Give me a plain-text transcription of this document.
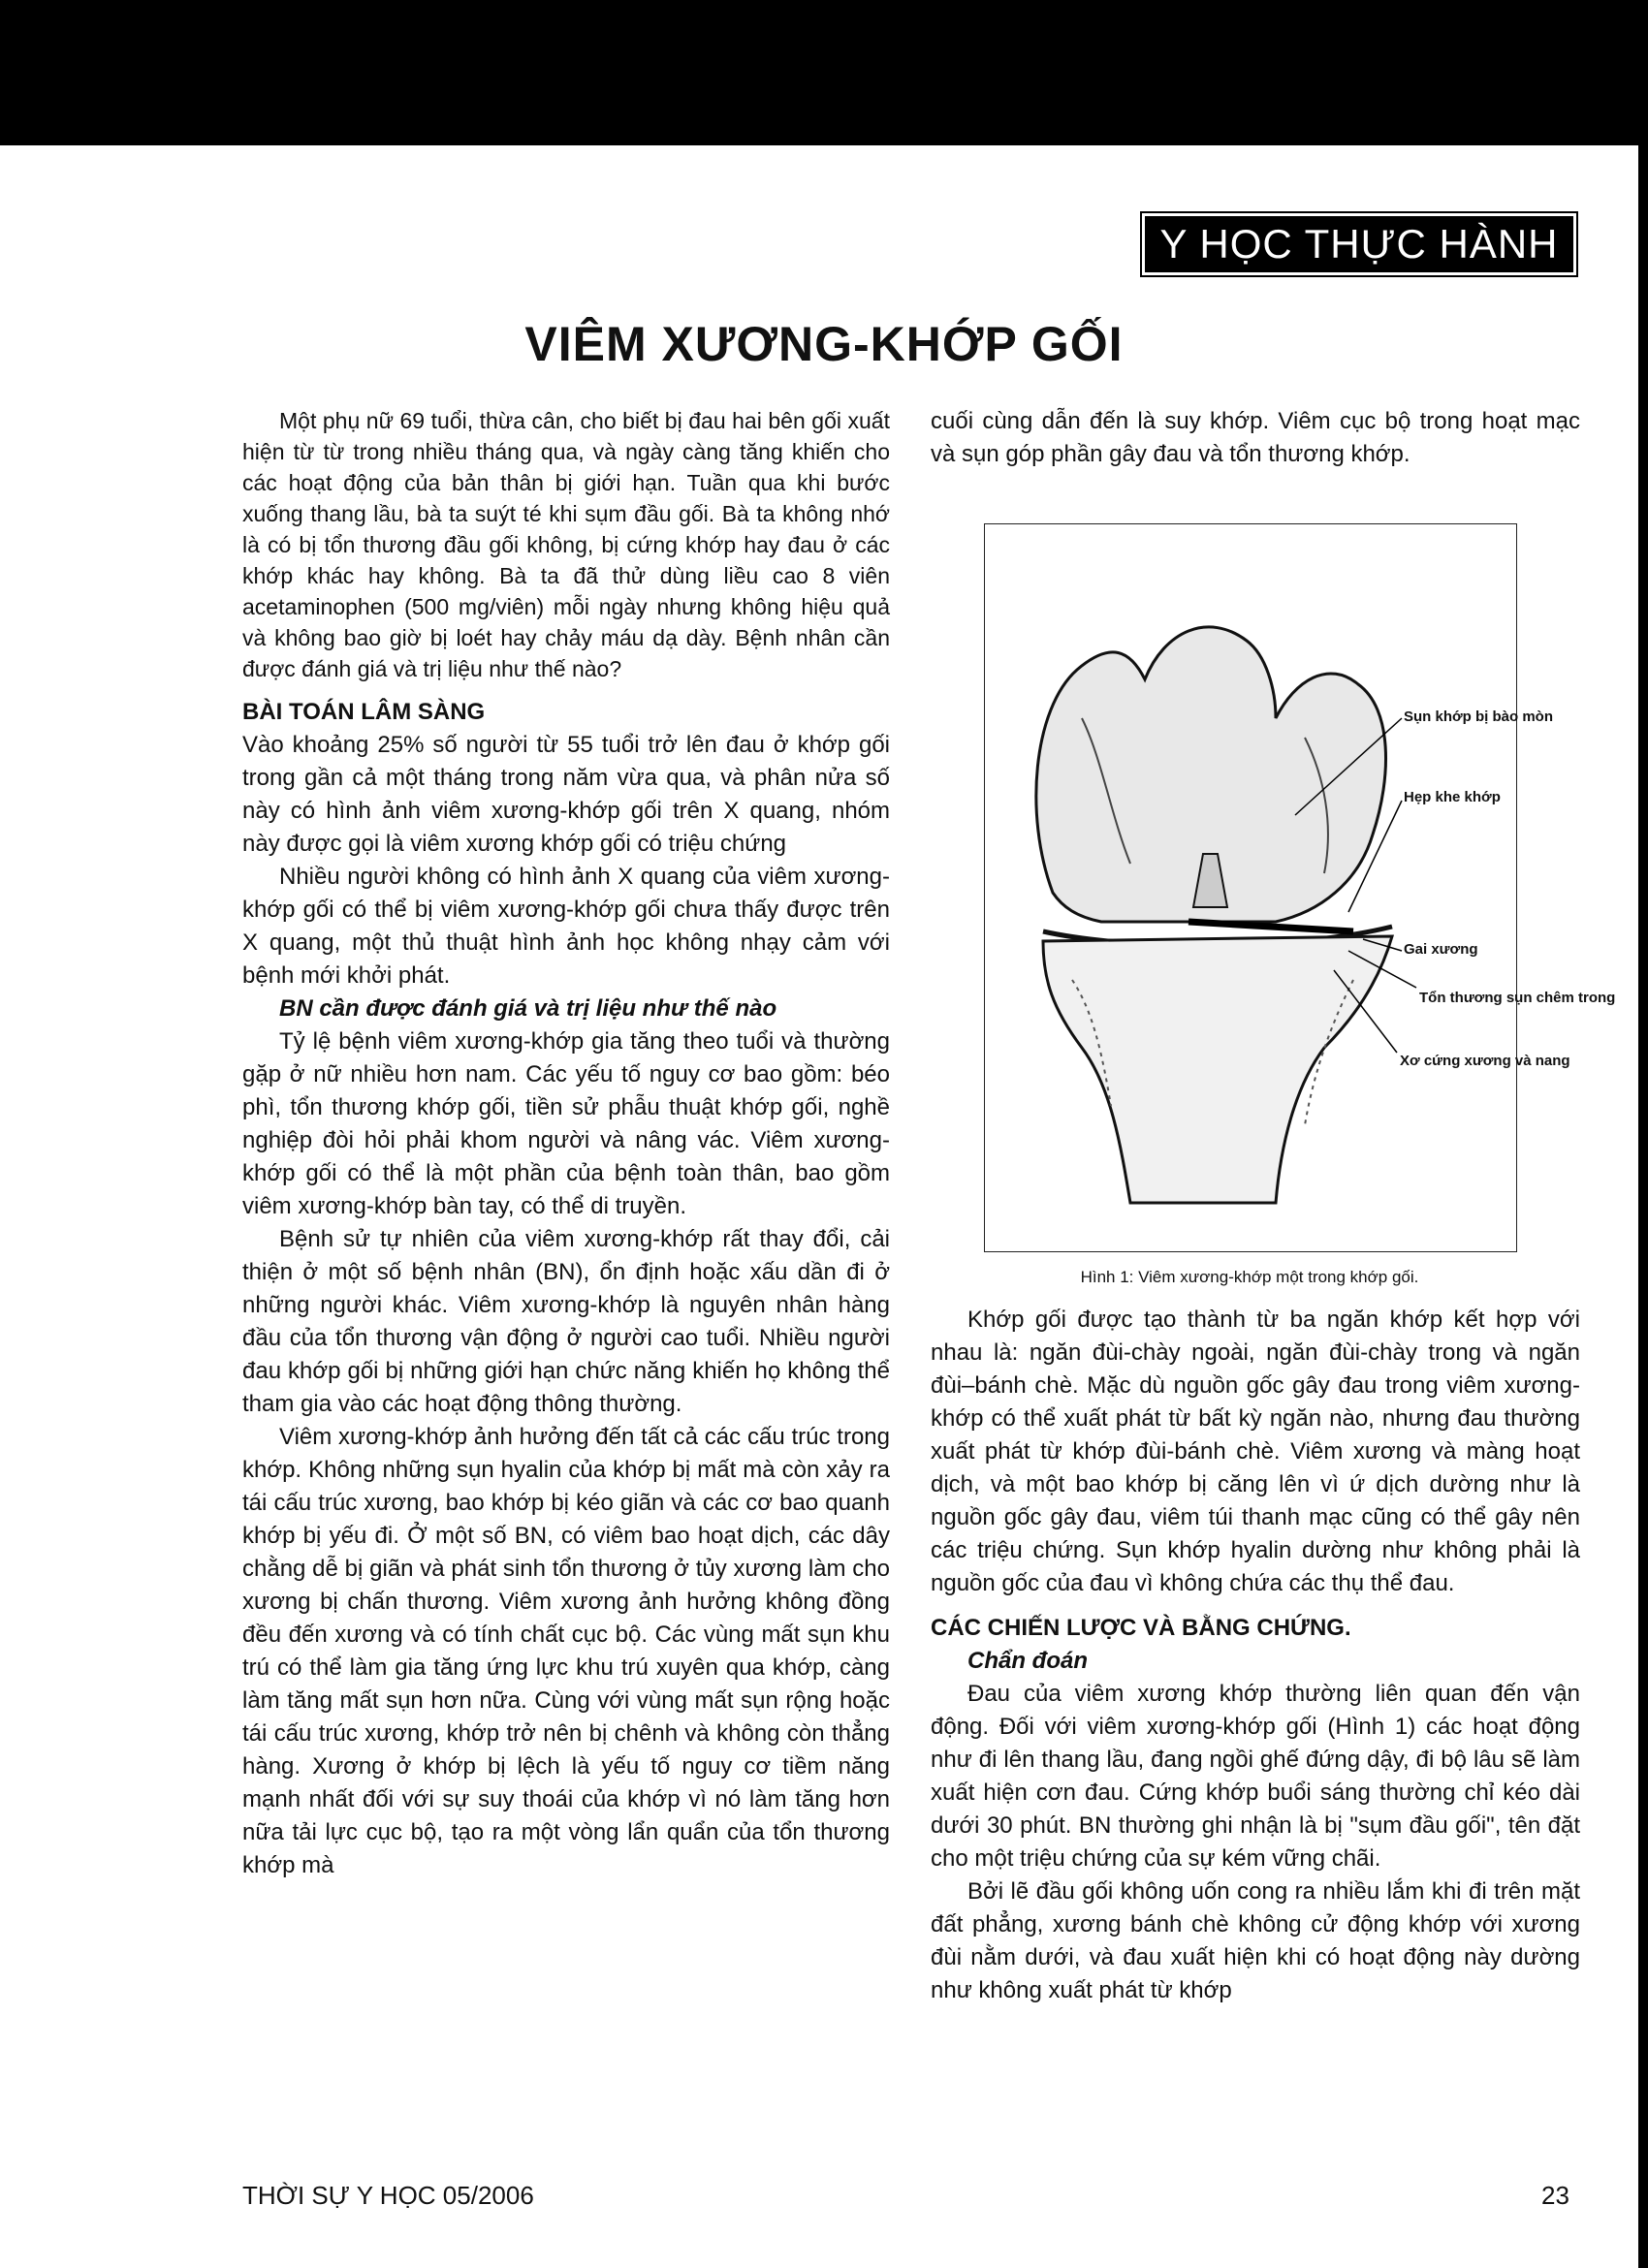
Y HỌC THỰC HÀNH
VIÊM XƯƠNG-KHỚP GỐI

Một phụ nữ 69 tuổi, thừa cân, cho biết bị đau hai bên gối xuất hiện từ từ trong nhiều tháng qua, và ngày càng tăng khiến cho các hoạt động của bản thân bị giới hạn. Tuần qua khi bước xuống thang lầu, bà ta suýt té khi sụm đầu gối. Bà ta không nhớ là có bị tổn thương đầu gối không, bị cứng khớp hay đau ở các khớp khác hay không. Bà ta đã thử dùng liều cao 8 viên acetaminophen (500 mg/viên) mỗi ngày nhưng không hiệu quả và không bao giờ bị loét hay chảy máu dạ dày. Bệnh nhân cần được đánh giá và trị liệu như thế nào?

BÀI TOÁN LÂM SÀNG

Vào khoảng 25% số người từ 55 tuổi trở lên đau ở khớp gối trong gần cả một tháng trong năm vừa qua, và phân nửa số này có hình ảnh viêm xương-khớp gối trên X quang, nhóm này được gọi là viêm xương khớp gối có triệu chứng

Nhiều người không có hình ảnh X quang của viêm xương-khớp gối có thể bị viêm xương-khớp gối chưa thấy được trên X quang, một thủ thuật hình ảnh học không nhạy cảm với bệnh mới khởi phát.

BN cần được đánh giá và trị liệu như thế nào

Tỷ lệ bệnh viêm xương-khớp gia tăng theo tuổi và thường gặp ở nữ nhiều hơn nam. Các yếu tố nguy cơ bao gồm: béo phì, tổn thương khớp gối, tiền sử phẫu thuật khớp gối, nghề nghiệp đòi hỏi phải khom người và nâng vác. Viêm xương-khớp gối có thể là một phần của bệnh toàn thân, bao gồm viêm xương-khớp bàn tay, có thể di truyền.

Bệnh sử tự nhiên của viêm xương-khớp rất thay đổi, cải thiện ở một số bệnh nhân (BN), ổn định hoặc xấu dần đi ở những người khác. Viêm xương-khớp là nguyên nhân hàng đầu của tổn thương vận động ở người cao tuổi. Nhiều người đau khớp gối bị những giới hạn chức năng khiến họ không thể tham gia vào các hoạt động thông thường.

Viêm xương-khớp ảnh hưởng đến tất cả các cấu trúc trong khớp. Không những sụn hyalin của khớp bị mất mà còn xảy ra tái cấu trúc xương, bao khớp bị kéo giãn và các cơ bao quanh khớp bị yếu đi. Ở một số BN, có viêm bao hoạt dịch, các dây chằng dễ bị giãn và phát sinh tổn thương ở tủy xương làm cho xương bị chấn thương. Viêm xương ảnh hưởng không đồng đều đến xương và có tính chất cục bộ. Các vùng mất sụn khu trú có thể làm gia tăng ứng lực khu trú xuyên qua khớp, càng làm tăng mất sụn hơn nữa. Cùng với vùng mất sụn rộng hoặc tái cấu trúc xương, khớp trở nên bị chênh và không còn thẳng hàng. Xương ở khớp bị lệch là yếu tố nguy cơ tiềm năng mạnh nhất đối với sự suy thoái của khớp vì nó làm tăng hơn nữa tải lực cục bộ, tạo ra một vòng lẩn quẩn của tổn thương khớp mà

cuối cùng dẫn đến là suy khớp. Viêm cục bộ trong hoạt mạc và sụn góp phần gây đau và tổn thương khớp.

Sụn khớp bị bào mòn
Hẹp khe khớp
Gai xương
Tổn thương sụn chêm trong
Xơ cứng xương và nang
Hình 1: Viêm xương-khớp một trong khớp gối.

Khớp gối được tạo thành từ ba ngăn khớp kết hợp với nhau là: ngăn đùi-chày ngoài, ngăn đùi-chày trong và ngăn đùi–bánh chè. Mặc dù nguồn gốc gây đau trong viêm xương-khớp có thể xuất phát từ bất kỳ ngăn nào, nhưng đau thường xuất phát từ khớp đùi-bánh chè. Viêm xương và màng hoạt dịch, và một bao khớp bị căng lên vì ứ dịch dường như là nguồn gốc gây đau, viêm túi thanh mạc cũng có thể gây nên các triệu chứng. Sụn khớp hyalin dường như không phải là nguồn gốc của đau vì không chứa các thụ thể đau.

CÁC CHIẾN LƯỢC VÀ BẰNG CHỨNG.

Chẩn đoán

Đau của viêm xương khớp thường liên quan đến vận động. Đối với viêm xương-khớp gối (Hình 1) các hoạt động như đi lên thang lầu, đang ngồi ghế đứng dậy, đi bộ lâu sẽ làm xuất hiện cơn đau. Cứng khớp buổi sáng thường chỉ kéo dài dưới 30 phút. BN thường ghi nhận là bị "sụm đầu gối", tên đặt cho một triệu chứng của sự kém vững chãi.

Bởi lẽ đầu gối không uốn cong ra nhiều lắm khi đi trên mặt đất phẳng, xương bánh chè không cử động khớp với xương đùi nằm dưới, và đau xuất hiện khi có hoạt động này dường như không xuất phát từ khớp

THỜI SỰ Y HỌC 05/2006	23
